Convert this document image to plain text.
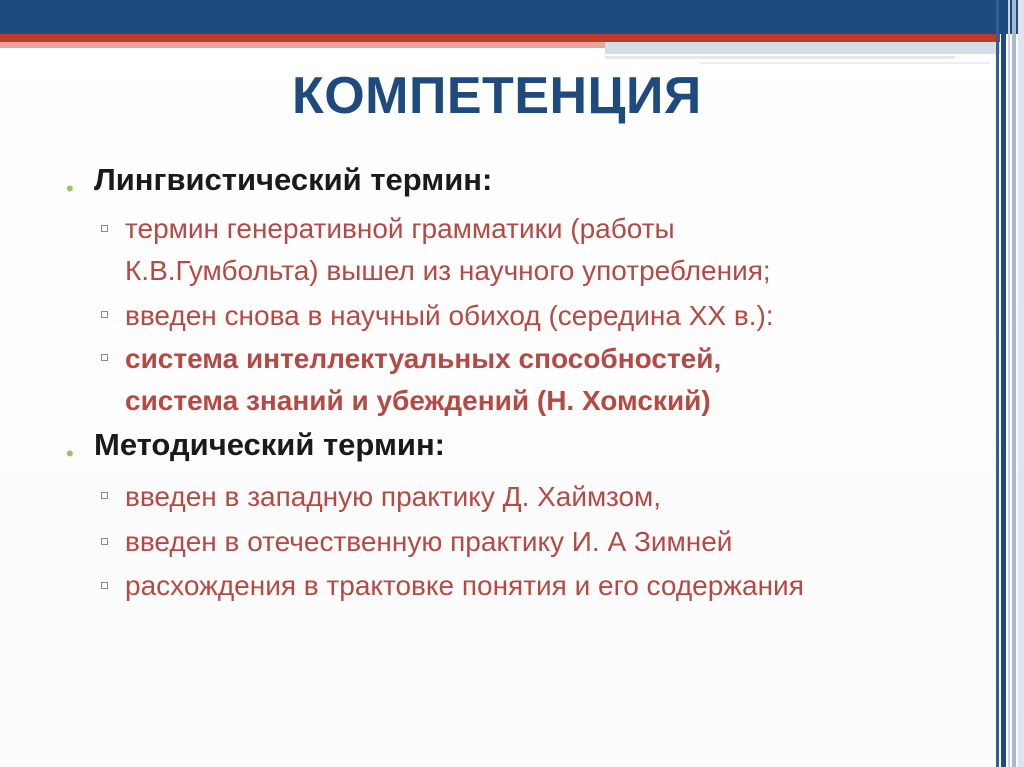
КОМПЕТЕНЦИЯ
• Лингвистический термин:
термин генеративной грамматики (работы
К.В.Гумбольта) вышел из научного употребления;
введен снова в научный обиход (середина XX в.):
система интеллектуальных способностей,
система знаний и убеждений (Н. Хомский)
• Методический термин:
введен в западную практику Д. Хаймзом,
введен в отечественную практику И. А Зимней
расхождения в трактовке понятия и его содержания
